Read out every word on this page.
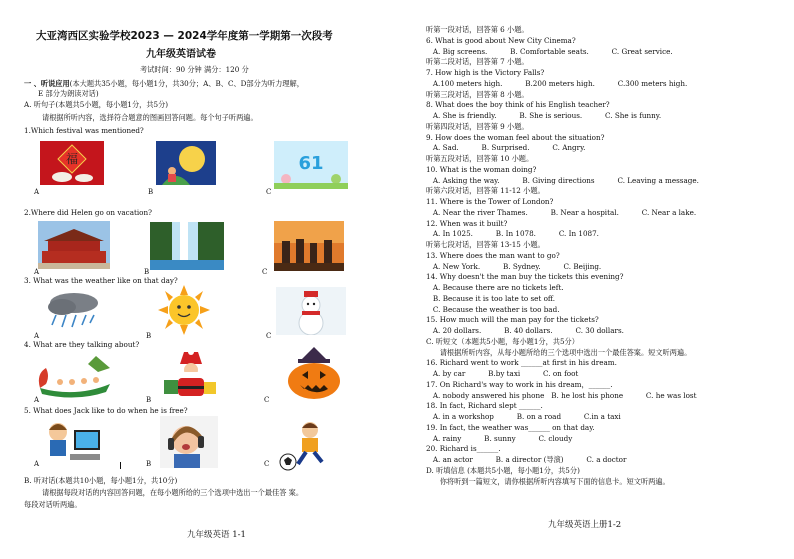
大亚湾西区实验学校2023 — 2024学年度第一学期第一次段考
九年级英语试卷
考试时间：90 分钟 满分：120 分
一 、听说应用(本大题共35小题，每小题1分，共30分；A、B、C、D部分为听力理解，
E 部分为朗读对话)
A. 听句子(本题共5小题，每小题1分，共5分)
请根据所听内容，选择符合题意的图画回答问题。每个句子听两遍。
1.Which festival was mentioned?
福
A	B
61
C
2.Where did Helen go on vacation?
A	B	C
3. What was the weather like on that day?
A	B	C
4. What are they talking about?
A	B	C
5. What does Jack like to do when he is free?
A	B	C
B. 听对话(本题共10小题，每小题1分，共10分)
请根据每段对话的内容回答问题，在每小题所给的三个选项中选出一个最佳答 案。
每段对话听两遍。
九年级英语 1-1
听第一段对话，回答第 6 小题。
6. What is good about New City Cinema?
A. Big screens.          B. Comfortable seats.          C. Great service.
听第二段对话，回答第 7 小题。
7. How high is the Victory Falls?
A.100 meters high.          B.200 meters high.          C.300 meters high.
听第三段对话，回答第 8 小题。
8. What does the boy think of his English teacher?
A. She is friendly.          B. She is serious.          C. She is funny.
听第四段对话，回答第 9 小题。
9. How does the woman feel about the situation?
A. Sad.          B. Surprised.          C. Angry.
听第五段对话，回答第 10 小题。
10. What is the woman doing?
A. Asking the way.          B. Giving directions          C. Leaving a message.
听第六段对话，回答第 11-12 小题。
11. Where is the Tower of London?
A. Near the river Thames.          B. Near a hospital.          C. Near a lake.
12. When was it built?
A. In 1025.          B. In 1078.          C. In 1087.
听第七段对话，回答第 13-15 小题。
13. Where does the man want to go?
A. New York.          B. Sydney.          C. Beijing.
14. Why doesn't the man buy the tickets this evening?
A. Because there are no tickets left.
B. Because it is too late to set off.
C. Because the weather is too bad.
15. How much will the man pay for the tickets?
A. 20 dollars.          B. 40 dollars.          C. 30 dollars.
C. 听短文（本题共5小题，每小题1分，共5分）
请根据所听内容，从每小题所给的三个选项中选出一个最佳答案。短文听两遍。
16. Richard went to work ______at first in his dream.
A. by car          B.by taxi          C. on foot
17. On Richard's way to work in his dream，______.
A. nobody answered his phone   B. he lost his phone          C. he was lost
18. In fact, Richard slept ______.
A. in a workshop          B. on a road          C.in a taxi
19. In fact, the weather was______ on that day.
A. rainy          B. sunny          C. cloudy
20. Richard is______.
A. an actor          B. a director (导演)          C. a doctor
D. 听填信息 (本题共5小题，每小题1分，共5分)
你将听到一篇短文，请你根据所听内容填写下面的信息卡。短文听两遍。
九年级英语上册1-2
